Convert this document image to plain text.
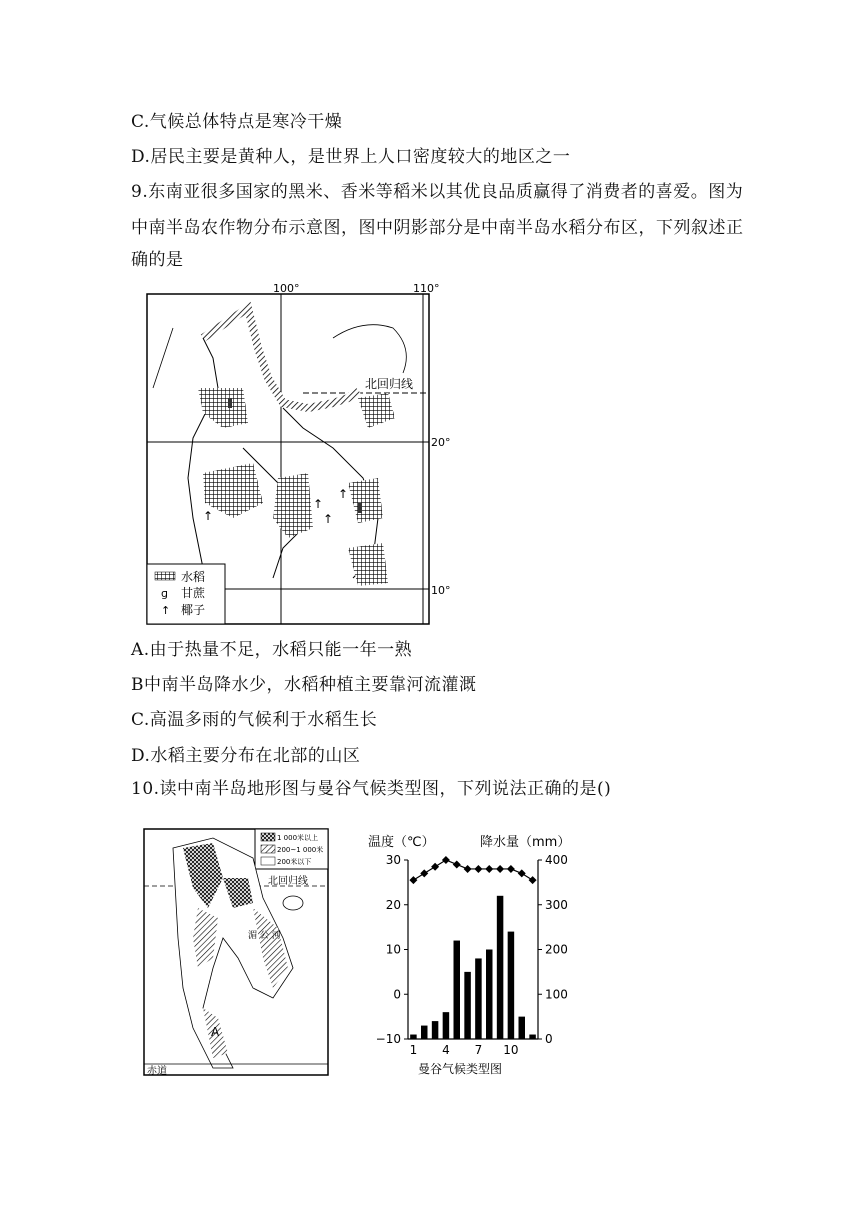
C.气候总体特点是寒冷干燥
D.居民主要是黄种人，是世界上人口密度较大的地区之一
9.东南亚很多国家的黑米、香米等稻米以其优良品质赢得了消费者的喜爱。图为
中南半岛农作物分布示意图，图中阴影部分是中南半岛水稻分布区，下列叙述正
确的是
↑
↑
↑
↑
100°	110°
20°
10°
北回归线
水稻
ɡ 甘蔗
↑ 椰子
A.由于热量不足，水稻只能一年一熟
B中南半岛降水少，水稻种植主要靠河流灌溉
C.高温多雨的气候利于水稻生长
D.水稻主要分布在北部的山区
10.读中南半岛地形图与曼谷气候类型图，下列说法正确的是()
1 000米以上
200~1 000米
200米以下
北回归线
湄 公 河
A
赤道
温度（℃）	降水量（mm）
30
20
10
0
−10
400
300
200
100
0
1 4 7 10
曼谷气候类型图
